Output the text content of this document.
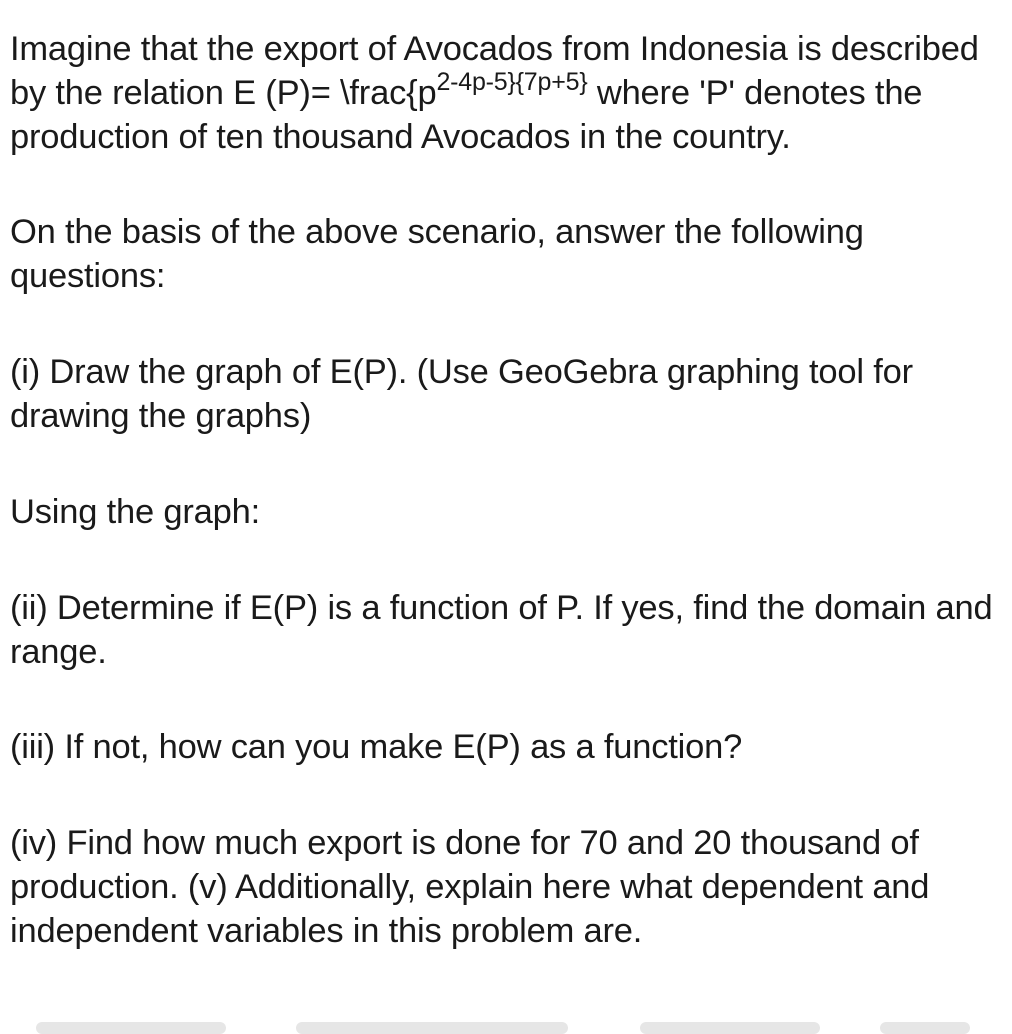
Imagine that the export of Avocados from Indonesia is described by the relation E $(P)= \backslash frac\{p^{2-4p-5\}\{7p+5\}}$ where 'P' denotes the production of ten thousand Avocados in the country.

On the basis of the above scenario, answer the following questions:

(i) Draw the graph of E(P). (Use GeoGebra graphing tool for drawing the graphs)

Using the graph:

(ii) Determine if E(P) is a function of P. If yes, find the domain and range.

(iii) If not, how can you make E(P) as a function?

(iv) Find how much export is done for 70 and 20 thousand of production. (v) Additionally, explain here what dependent and independent variables in this problem are.
